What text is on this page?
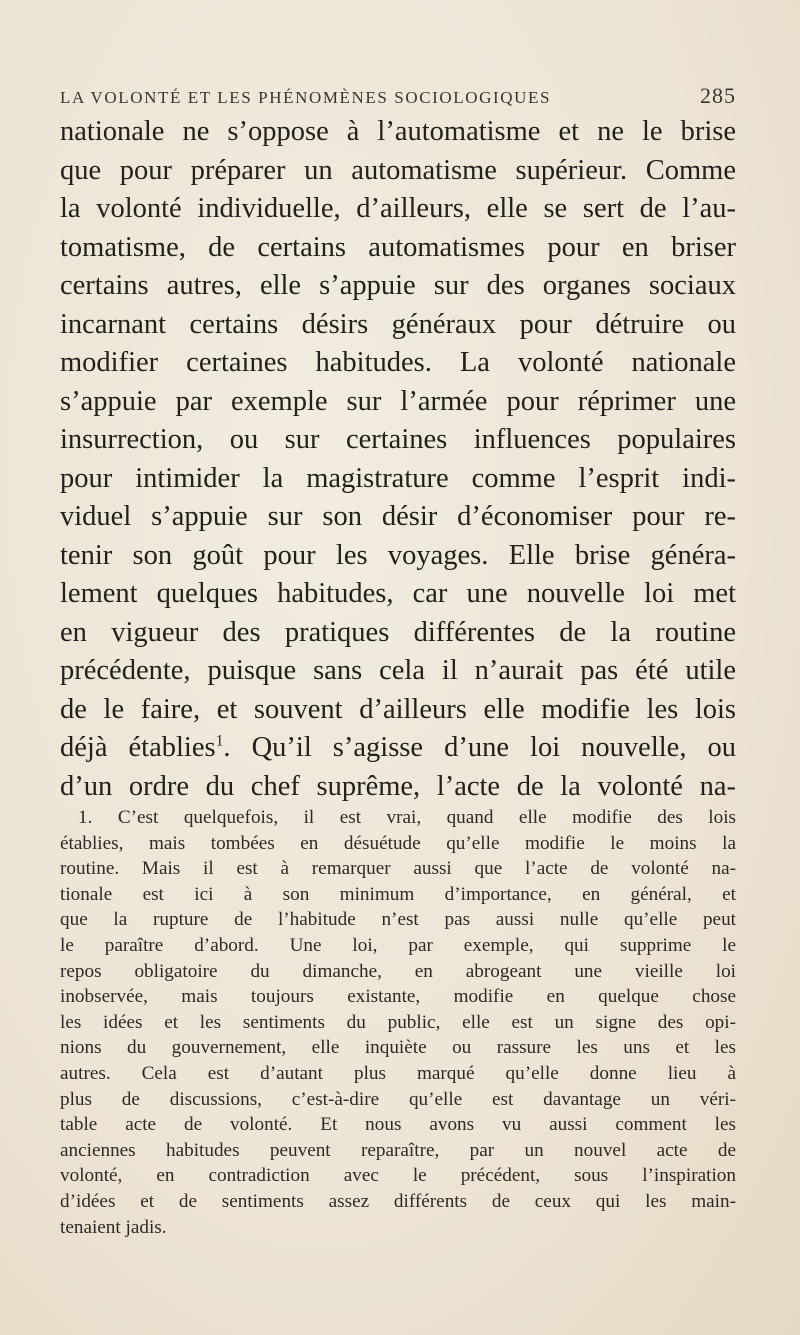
LA VOLONTÉ ET LES PHÉNOMÈNES SOCIOLOGIQUES	285
nationale ne s’oppose à l’automatisme et ne le brise
que pour préparer un automatisme supérieur. Comme
la volonté individuelle, d’ailleurs, elle se sert de l’au-
tomatisme, de certains automatismes pour en briser
certains autres, elle s’appuie sur des organes sociaux
incarnant certains désirs généraux pour détruire ou
modifier certaines habitudes. La volonté nationale
s’appuie par exemple sur l’armée pour réprimer une
insurrection, ou sur certaines influences populaires
pour intimider la magistrature comme l’esprit indi-
viduel s’appuie sur son désir d’économiser pour re-
tenir son goût pour les voyages. Elle brise généra-
lement quelques habitudes, car une nouvelle loi met
en vigueur des pratiques différentes de la routine
précédente, puisque sans cela il n’aurait pas été utile
de le faire, et souvent d’ailleurs elle modifie les lois
déjà établies$^1$. Qu’il s’agisse d’une loi nouvelle, ou
d’un ordre du chef suprême, l’acte de la volonté na-
1. C’est quelquefois, il est vrai, quand elle modifie des lois
établies, mais tombées en désuétude qu’elle modifie le moins la
routine. Mais il est à remarquer aussi que l’acte de volonté na-
tionale est ici à son minimum d’importance, en général, et
que la rupture de l’habitude n’est pas aussi nulle qu’elle peut
le paraître d’abord. Une loi, par exemple, qui supprime le
repos obligatoire du dimanche, en abrogeant une vieille loi
inobservée, mais toujours existante, modifie en quelque chose
les idées et les sentiments du public, elle est un signe des opi-
nions du gouvernement, elle inquiète ou rassure les uns et les
autres. Cela est d’autant plus marqué qu’elle donne lieu à
plus de discussions, c’est-à-dire qu’elle est davantage un véri-
table acte de volonté. Et nous avons vu aussi comment les
anciennes habitudes peuvent reparaître, par un nouvel acte de
volonté, en contradiction avec le précédent, sous l’inspiration
d’idées et de sentiments assez différents de ceux qui les main-
tenaient jadis.
